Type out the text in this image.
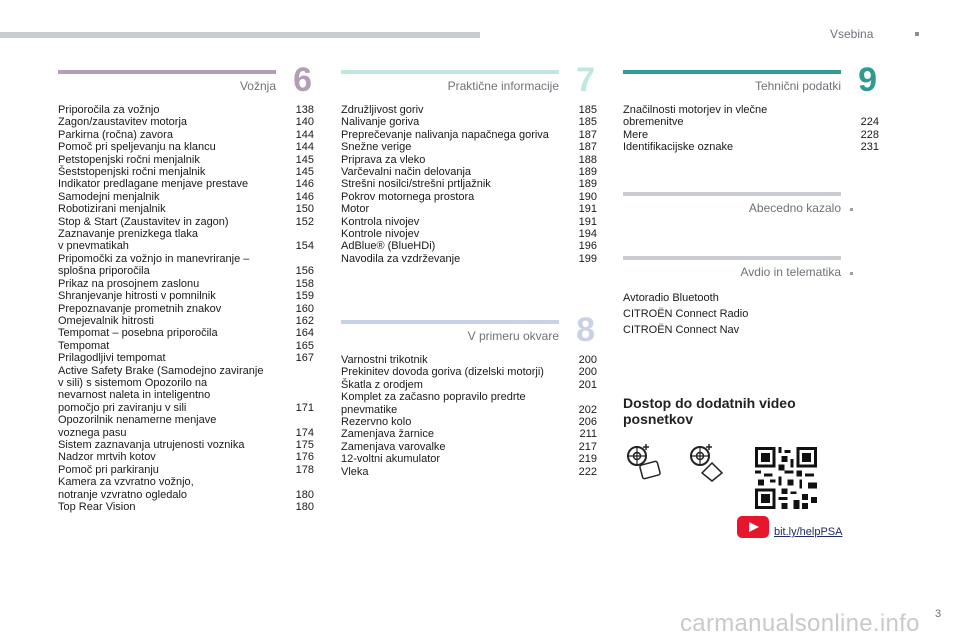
Vsebina
Vožnja 6
Priporočila za vožnjo	138
Zagon/zaustavitev motorja	140
Parkirna (ročna) zavora	144
Pomoč pri speljevanju na klancu	144
Petstopenjski ročni menjalnik	145
Šeststopenjski ročni menjalnik	145
Indikator predlagane menjave prestave	146
Samodejni menjalnik	146
Robotizirani menjalnik	150
Stop & Start (Zaustavitev in zagon)	152
Zaznavanje prenizkega tlaka
v pnevmatikah	154
Pripomočki za vožnjo in manevriranje –
splošna priporočila	156
Prikaz na prosojnem zaslonu	158
Shranjevanje hitrosti v pomnilnik	159
Prepoznavanje prometnih znakov	160
Omejevalnik hitrosti	162
Tempomat – posebna priporočila	164
Tempomat	165
Prilagodljivi tempomat	167
Active Safety Brake (Samodejno zaviranje
v sili) s sistemom Opozorilo na
nevarnost naleta in inteligentno
pomočjo pri zaviranju v sili	171
Opozorilnik nenamerne menjave
voznega pasu	174
Sistem zaznavanja utrujenosti voznika	175
Nadzor mrtvih kotov	176
Pomoč pri parkiranju	178
Kamera za vzvratno vožnjo,
notranje vzvratno ogledalo	180
Top Rear Vision	180
Praktične informacije 7
Združljivost goriv	185
Nalivanje goriva	185
Preprečevanje nalivanja napačnega goriva	187
Snežne verige	187
Priprava za vleko	188
Varčevalni način delovanja	189
Strešni nosilci/strešni prtljažnik	189
Pokrov motornega prostora	190
Motor	191
Kontrola nivojev	191
Kontrole nivojev	194
AdBlue® (BlueHDi)	196
Navodila za vzdrževanje	199
V primeru okvare 8
Varnostni trikotnik	200
Prekinitev dovoda goriva (dizelski motorji)	200
Škatla z orodjem	201
Komplet za začasno popravilo predrte
pnevmatike	202
Rezervno kolo	206
Zamenjava žarnice	211
Zamenjava varovalke	217
12-voltni akumulator	219
Vleka	222
Tehnični podatki 9
Značilnosti motorjev in vlečne
obremenitve	224
Mere	228
Identifikacijske oznake	231
Abecedno kazalo
Avdio in telematika
Avtoradio Bluetooth
CITROËN Connect Radio
CITROËN Connect Nav
Dostop do dodatnih video
posnetkov
bit.ly/helpPSA
carmanualsonline.info 3
